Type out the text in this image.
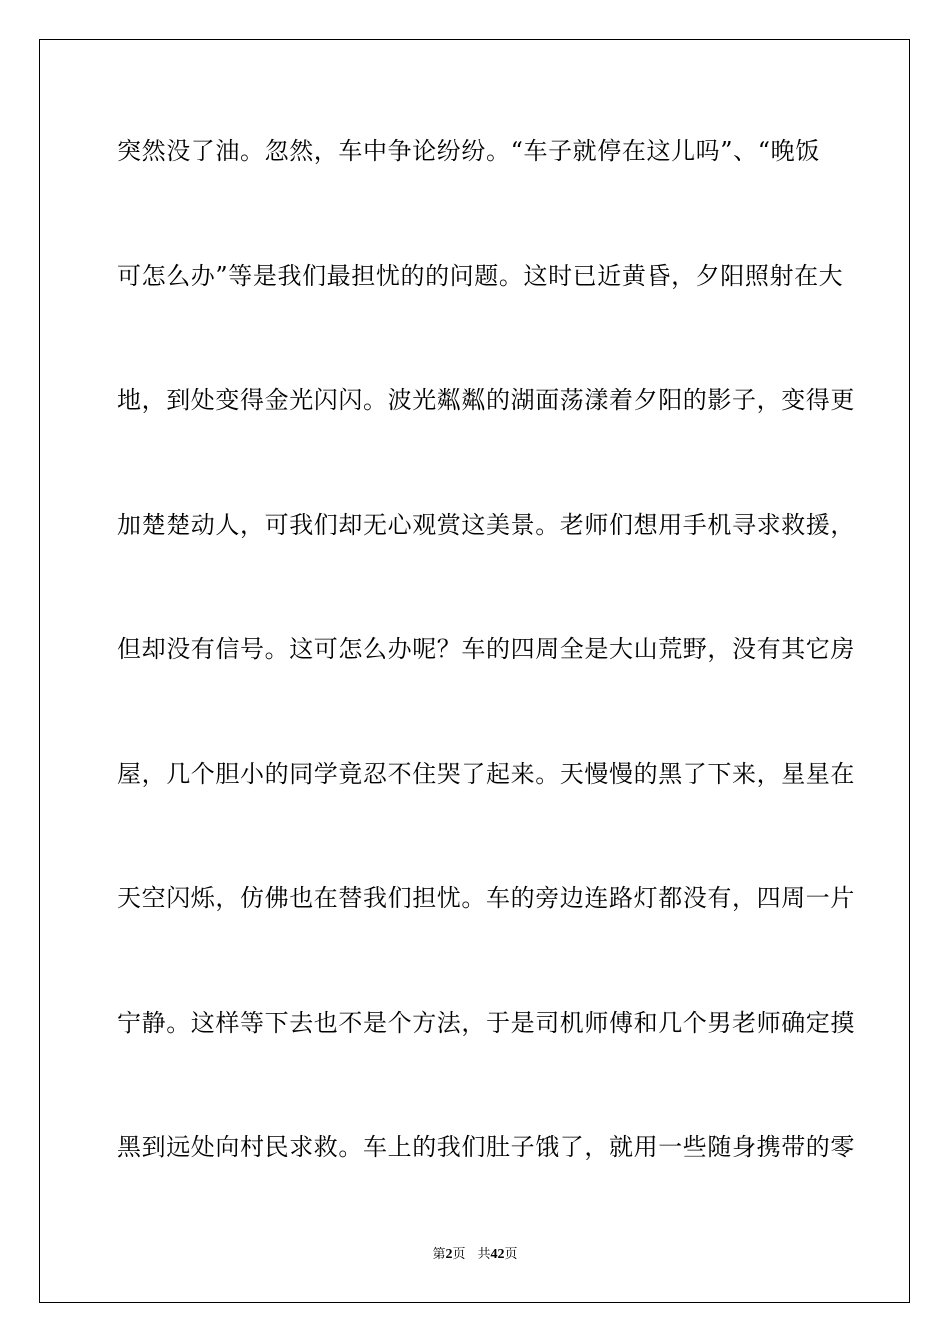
突然没了油。忽然，车中争论纷纷。“车子就停在这儿吗”、“晚饭
可怎么办”等是我们最担忧的的问题。这时已近黄昏，夕阳照射在大
地，到处变得金光闪闪。波光粼粼的湖面荡漾着夕阳的影子，变得更
加楚楚动人，可我们却无心观赏这美景。老师们想用手机寻求救援，
但却没有信号。这可怎么办呢？车的四周全是大山荒野，没有其它房
屋，几个胆小的同学竟忍不住哭了起来。天慢慢的黑了下来，星星在
天空闪烁，仿佛也在替我们担忧。车的旁边连路灯都没有，四周一片
宁静。这样等下去也不是个方法，于是司机师傅和几个男老师确定摸
黑到远处向村民求救。车上的我们肚子饿了，就用一些随身携带的零
第2页 共42页
